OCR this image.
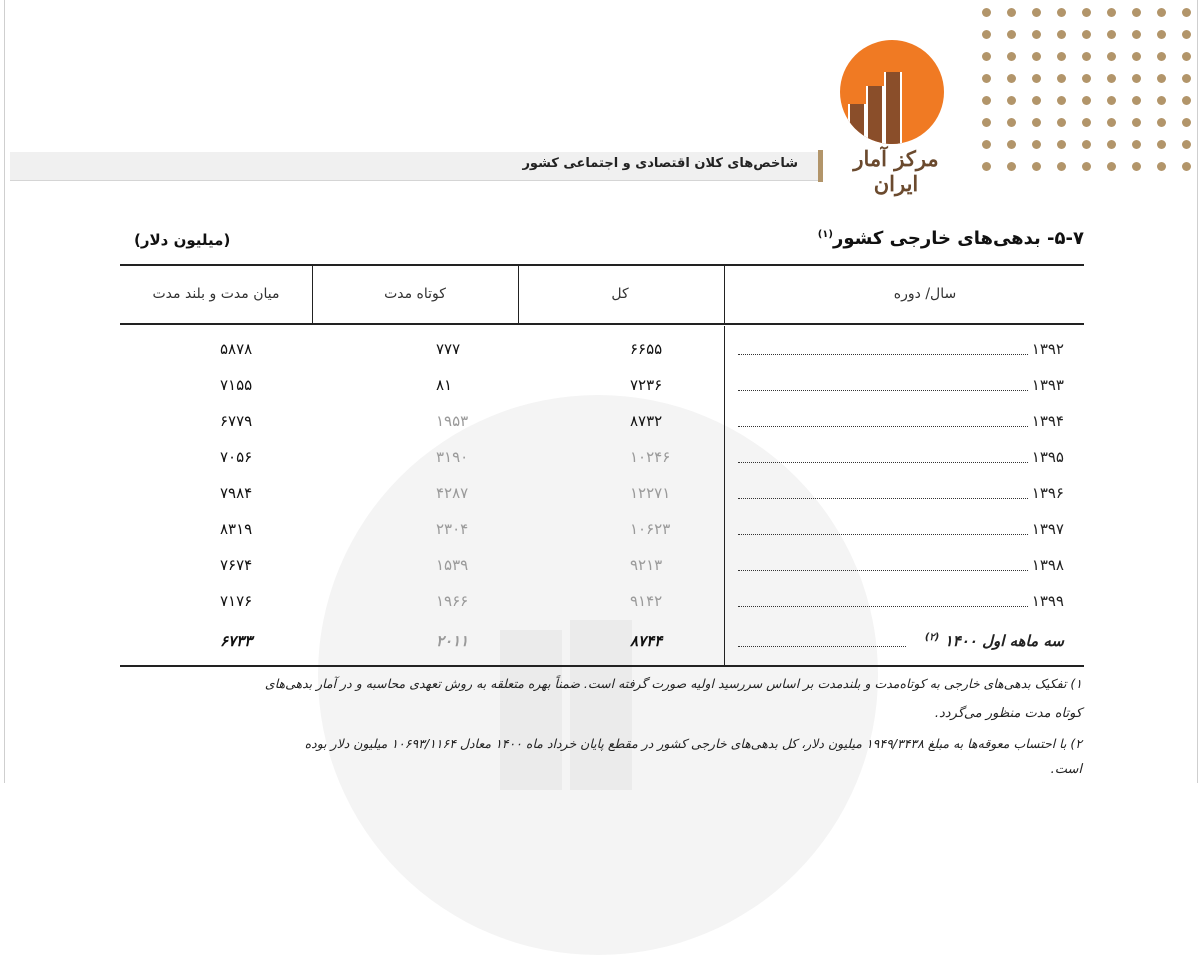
مرکز آمار ایران
شاخص‌های کلان اقتصادی و اجتماعی کشور
۵-۷- بدهی‌های خارجی کشور$^{(۱)}$
(میلیون دلار)
سال/ دوره
کل
کوتاه مدت
میان مدت و بلند مدت
۱۳۹۲
۶۶۵۵
۷۷۷
۵۸۷۸
۱۳۹۳
۷۲۳۶
۸۱
۷۱۵۵
۱۳۹۴
۸۷۳۲
۱۹۵۳
۶۷۷۹
۱۳۹۵
۱۰۲۴۶
۳۱۹۰
۷۰۵۶
۱۳۹۶
۱۲۲۷۱
۴۲۸۷
۷۹۸۴
۱۳۹۷
۱۰۶۲۳
۲۳۰۴
۸۳۱۹
۱۳۹۸
۹۲۱۳
۱۵۳۹
۷۶۷۴
۱۳۹۹
۹۱۴۲
۱۹۶۶
۷۱۷۶
سه ماهه اول ۱۴۰۰ $^{(۲)}$
۸۷۴۴
۲۰۱۱
۶۷۳۳
۱) تفکیک بدهی‌های خارجی به کوتاه‌مدت و بلندمدت بر اساس سررسید اولیه صورت گرفته است. ضمناً بهره متعلقه به روش تعهدی محاسبه و در آمار بدهی‌های
کوتاه مدت منظور می‌گردد.
۲) با احتساب معوقه‌ها به مبلغ ۱۹۴۹/۳۴۳۸ میلیون دلار، کل بدهی‌های خارجی کشور در مقطع پایان خرداد ماه ۱۴۰۰ معادل ۱۰۶۹۳/۱۱۶۴ میلیون دلار بوده
است.
